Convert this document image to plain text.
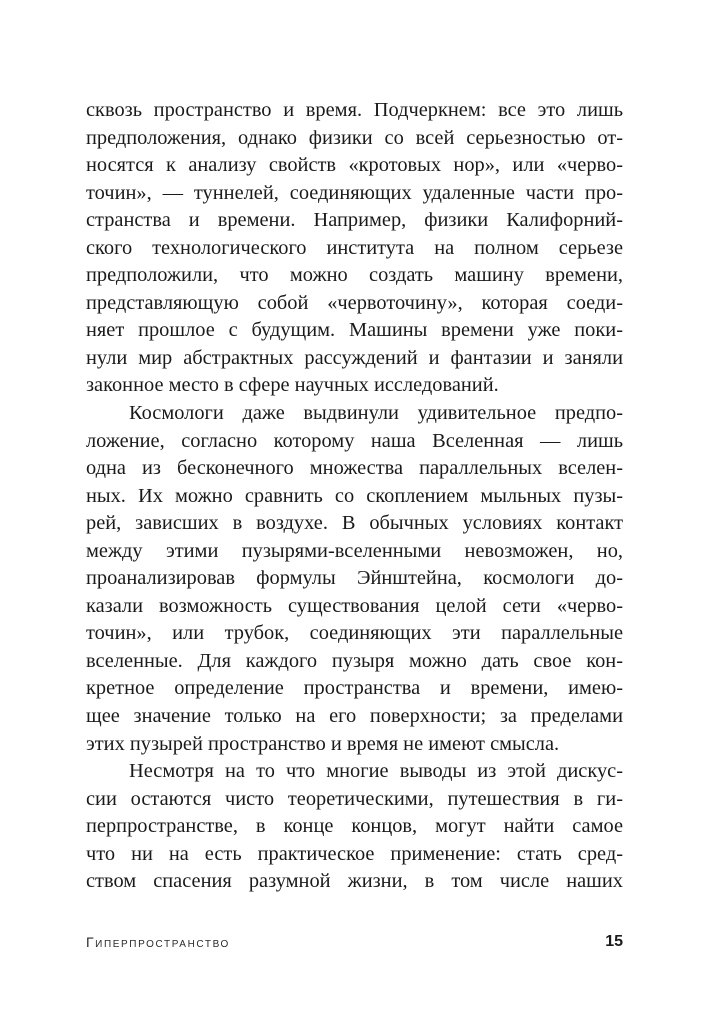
сквозь пространство и время. Подчеркнем: все это лишь
предположения, однако физики со всей серьезностью от-
носятся к анализу свойств «кротовых нор», или «черво-
точин», — туннелей, соединяющих удаленные части про-
странства и времени. Например, физики Калифорний-
ского технологического института на полном серьезе
предположили, что можно создать машину времени,
представляющую собой «червоточину», которая соеди-
няет прошлое с будущим. Машины времени уже поки-
нули мир абстрактных рассуждений и фантазии и заняли
законное место в сфере научных исследований.
Космологи даже выдвинули удивительное предпо-
ложение, согласно которому наша Вселенная — лишь
одна из бесконечного множества параллельных вселен-
ных. Их можно сравнить со скоплением мыльных пузы-
рей, зависших в воздухе. В обычных условиях контакт
между этими пузырями-вселенными невозможен, но,
проанализировав формулы Эйнштейна, космологи до-
казали возможность существования целой сети «черво-
точин», или трубок, соединяющих эти параллельные
вселенные. Для каждого пузыря можно дать свое кон-
кретное определение пространства и времени, имею-
щее значение только на его поверхности; за пределами
этих пузырей пространство и время не имеют смысла.
Несмотря на то что многие выводы из этой дискус-
сии остаются чисто теоретическими, путешествия в ги-
перпространстве, в конце концов, могут найти самое
что ни на есть практическое применение: стать сред-
ством спасения разумной жизни, в том числе наших
Гиперпространство	15
